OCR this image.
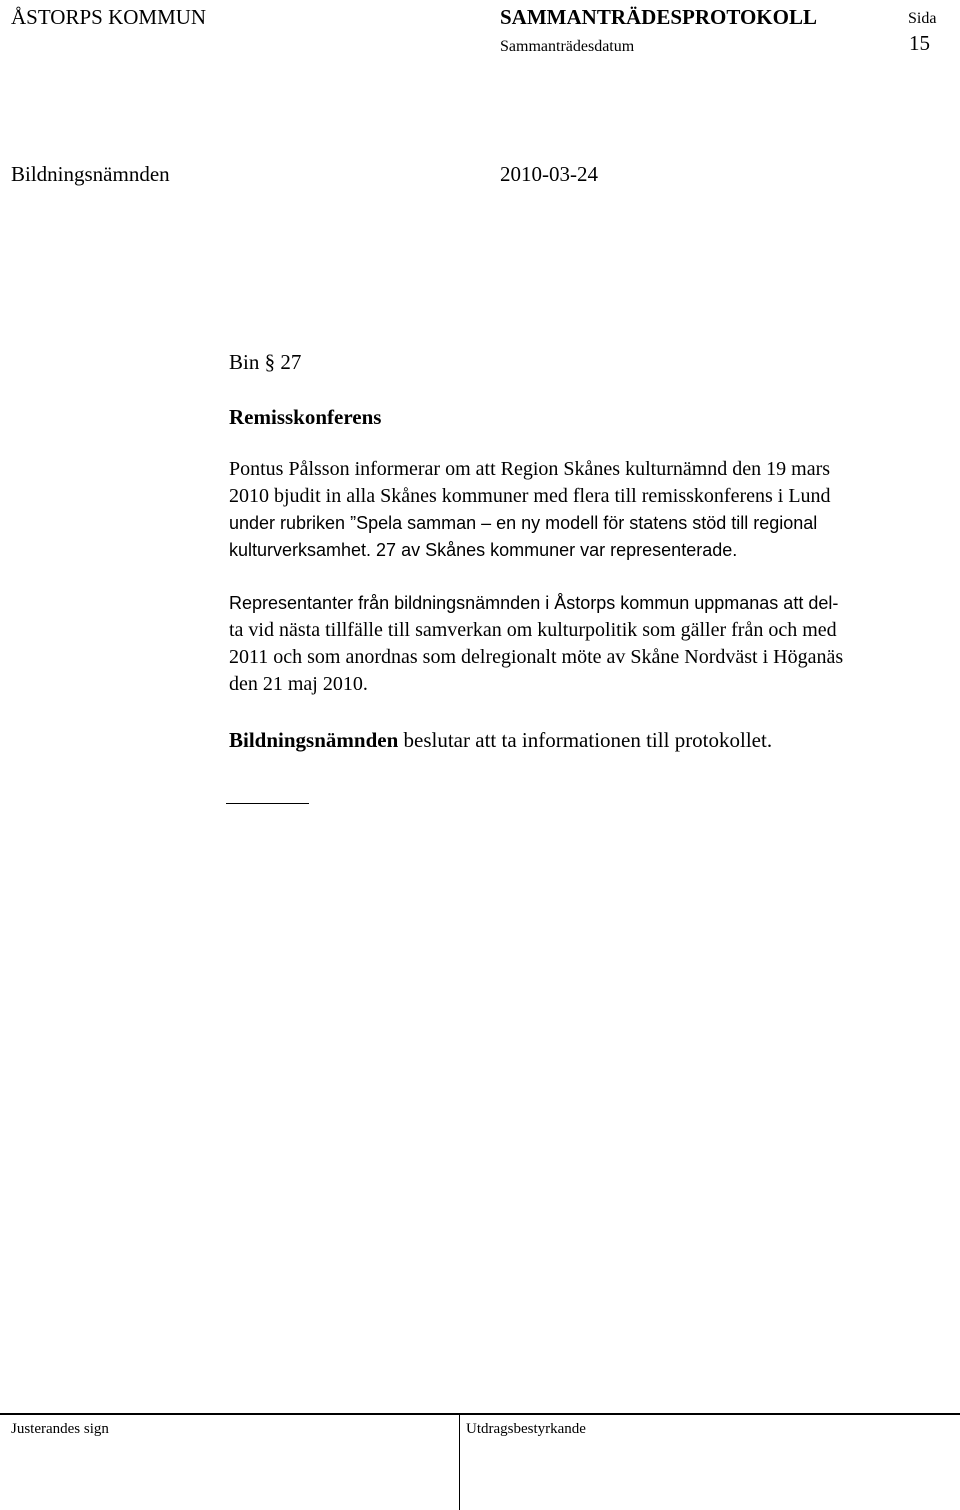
ÅSTORPS KOMMUN	SAMMANTRÄDESPROTOKOLL	Sida
Sammanträdesdatum	15
Bildningsnämnden	2010-03-24
Bin § 27
Remisskonferens
Pontus Pålsson informerar om att Region Skånes kulturnämnd den 19 mars
2010 bjudit in alla Skånes kommuner med flera till remisskonferens i Lund
under rubriken ”Spela samman – en ny modell för statens stöd till regional
kulturverksamhet. 27 av Skånes kommuner var representerade.
Representanter från bildningsnämnden i Åstorps kommun uppmanas att del-
ta vid nästa tillfälle till samverkan om kulturpolitik som gäller från och med
2011 och som anordnas som delregionalt möte av Skåne Nordväst i Höganäs
den 21 maj 2010.
Bildningsnämnden beslutar att ta informationen till protokollet.
Justerandes sign	Utdragsbestyrkande
